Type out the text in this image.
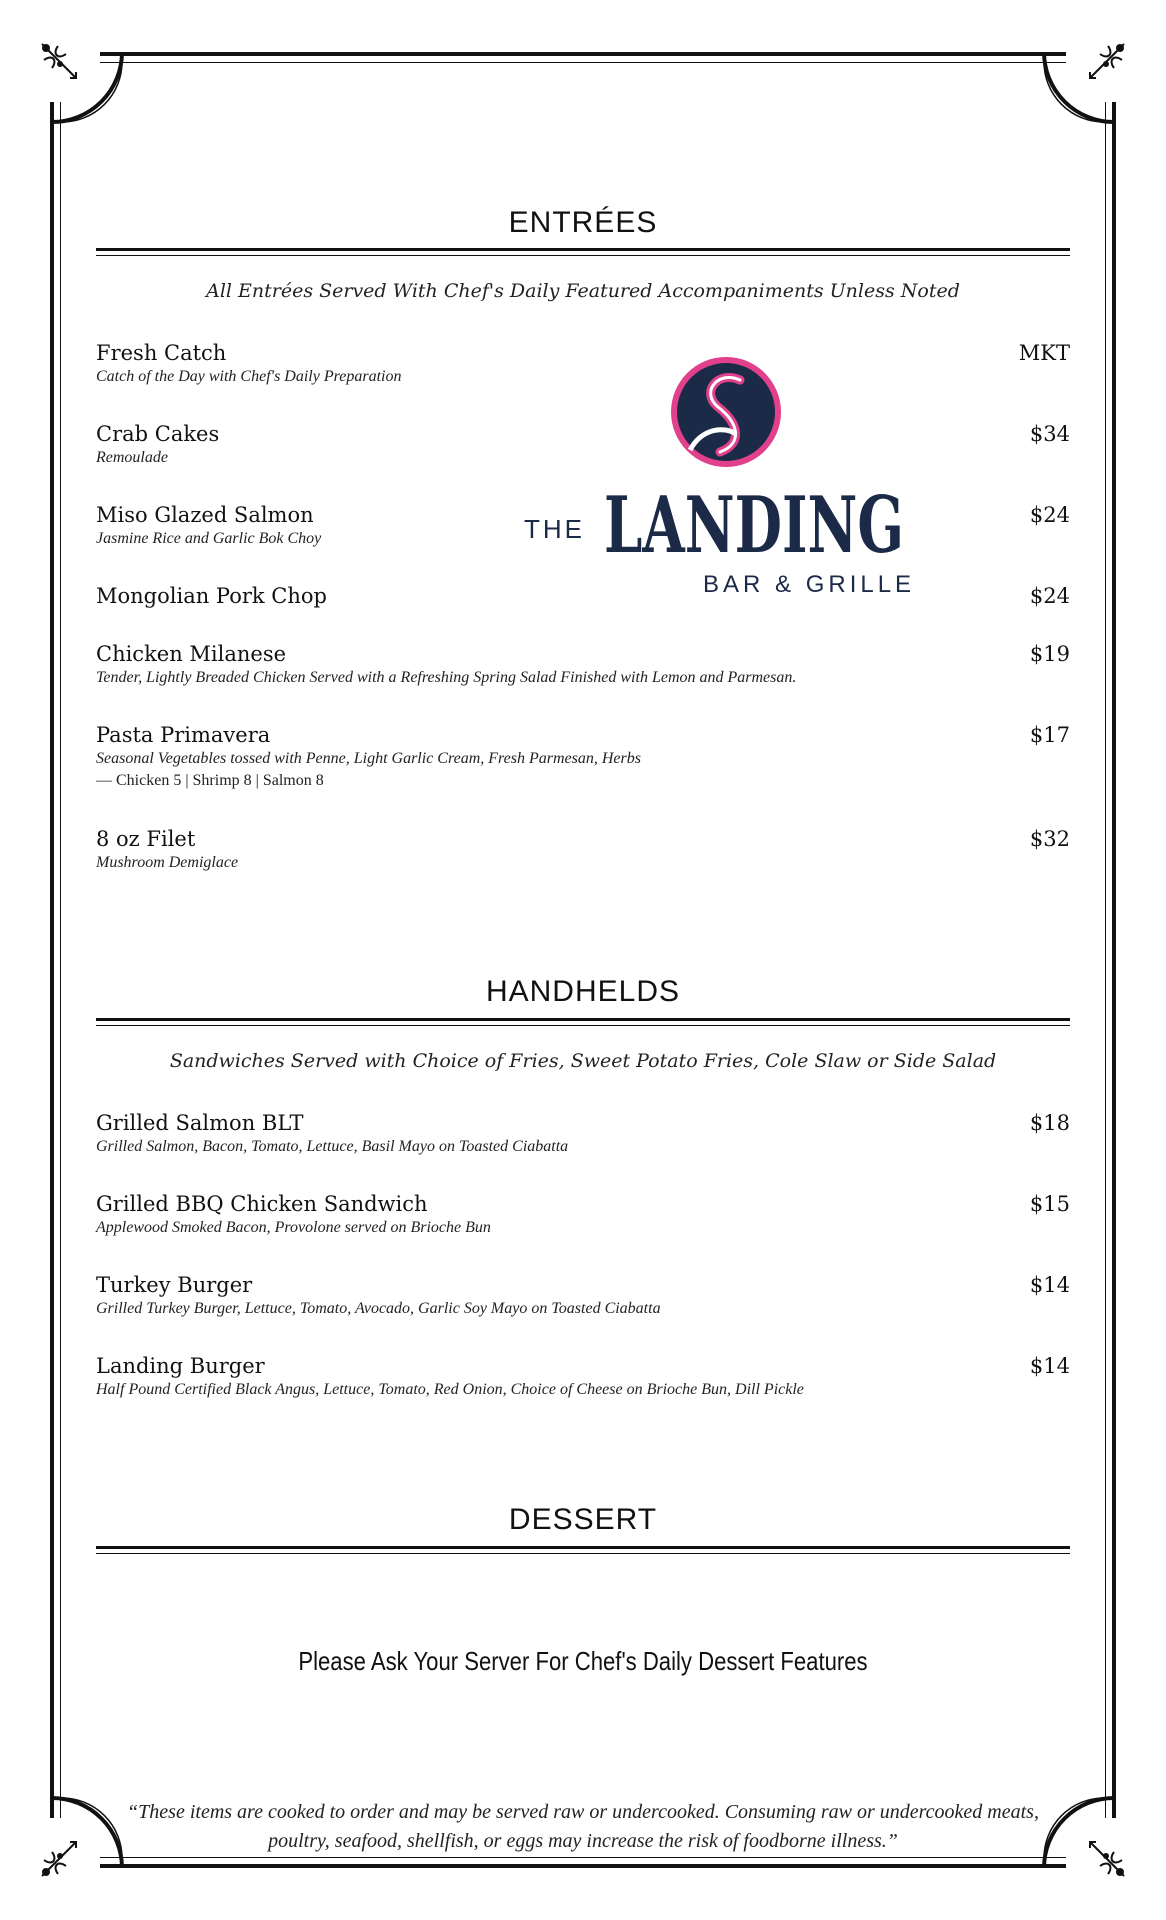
ENTRÉES
All Entrées Served With Chef's Daily Featured Accompaniments Unless Noted
Fresh Catch
Catch of the Day with Chef's Daily Preparation
MKT
Crab Cakes
Remoulade
$34
Miso Glazed Salmon
Jasmine Rice and Garlic Bok Choy
$24
Mongolian Pork Chop	$24
Chicken Milanese
Tender, Lightly Breaded Chicken Served with a Refreshing Spring Salad Finished with Lemon and Parmesan.
$19
Pasta Primavera
Seasonal Vegetables tossed with Penne, Light Garlic Cream, Fresh Parmesan, Herbs
— Chicken 5 | Shrimp 8 | Salmon 8
$17
8 oz Filet
Mushroom Demiglace
$32
THE LANDING
BAR & GRILLE
HANDHELDS
Sandwiches Served with Choice of Fries, Sweet Potato Fries, Cole Slaw or Side Salad
Grilled Salmon BLT
Grilled Salmon, Bacon, Tomato, Lettuce, Basil Mayo on Toasted Ciabatta
$18
Grilled BBQ Chicken Sandwich
Applewood Smoked Bacon, Provolone served on Brioche Bun
$15
Turkey Burger
Grilled Turkey Burger, Lettuce, Tomato, Avocado, Garlic Soy Mayo on Toasted Ciabatta
$14
Landing Burger
Half Pound Certified Black Angus, Lettuce, Tomato, Red Onion, Choice of Cheese on Brioche Bun, Dill Pickle
$14
DESSERT
Please Ask Your Server For Chef's Daily Dessert Features
“These items are cooked to order and may be served raw or undercooked. Consuming raw or undercooked meats, poultry, seafood, shellfish, or eggs may increase the risk of foodborne illness.”
